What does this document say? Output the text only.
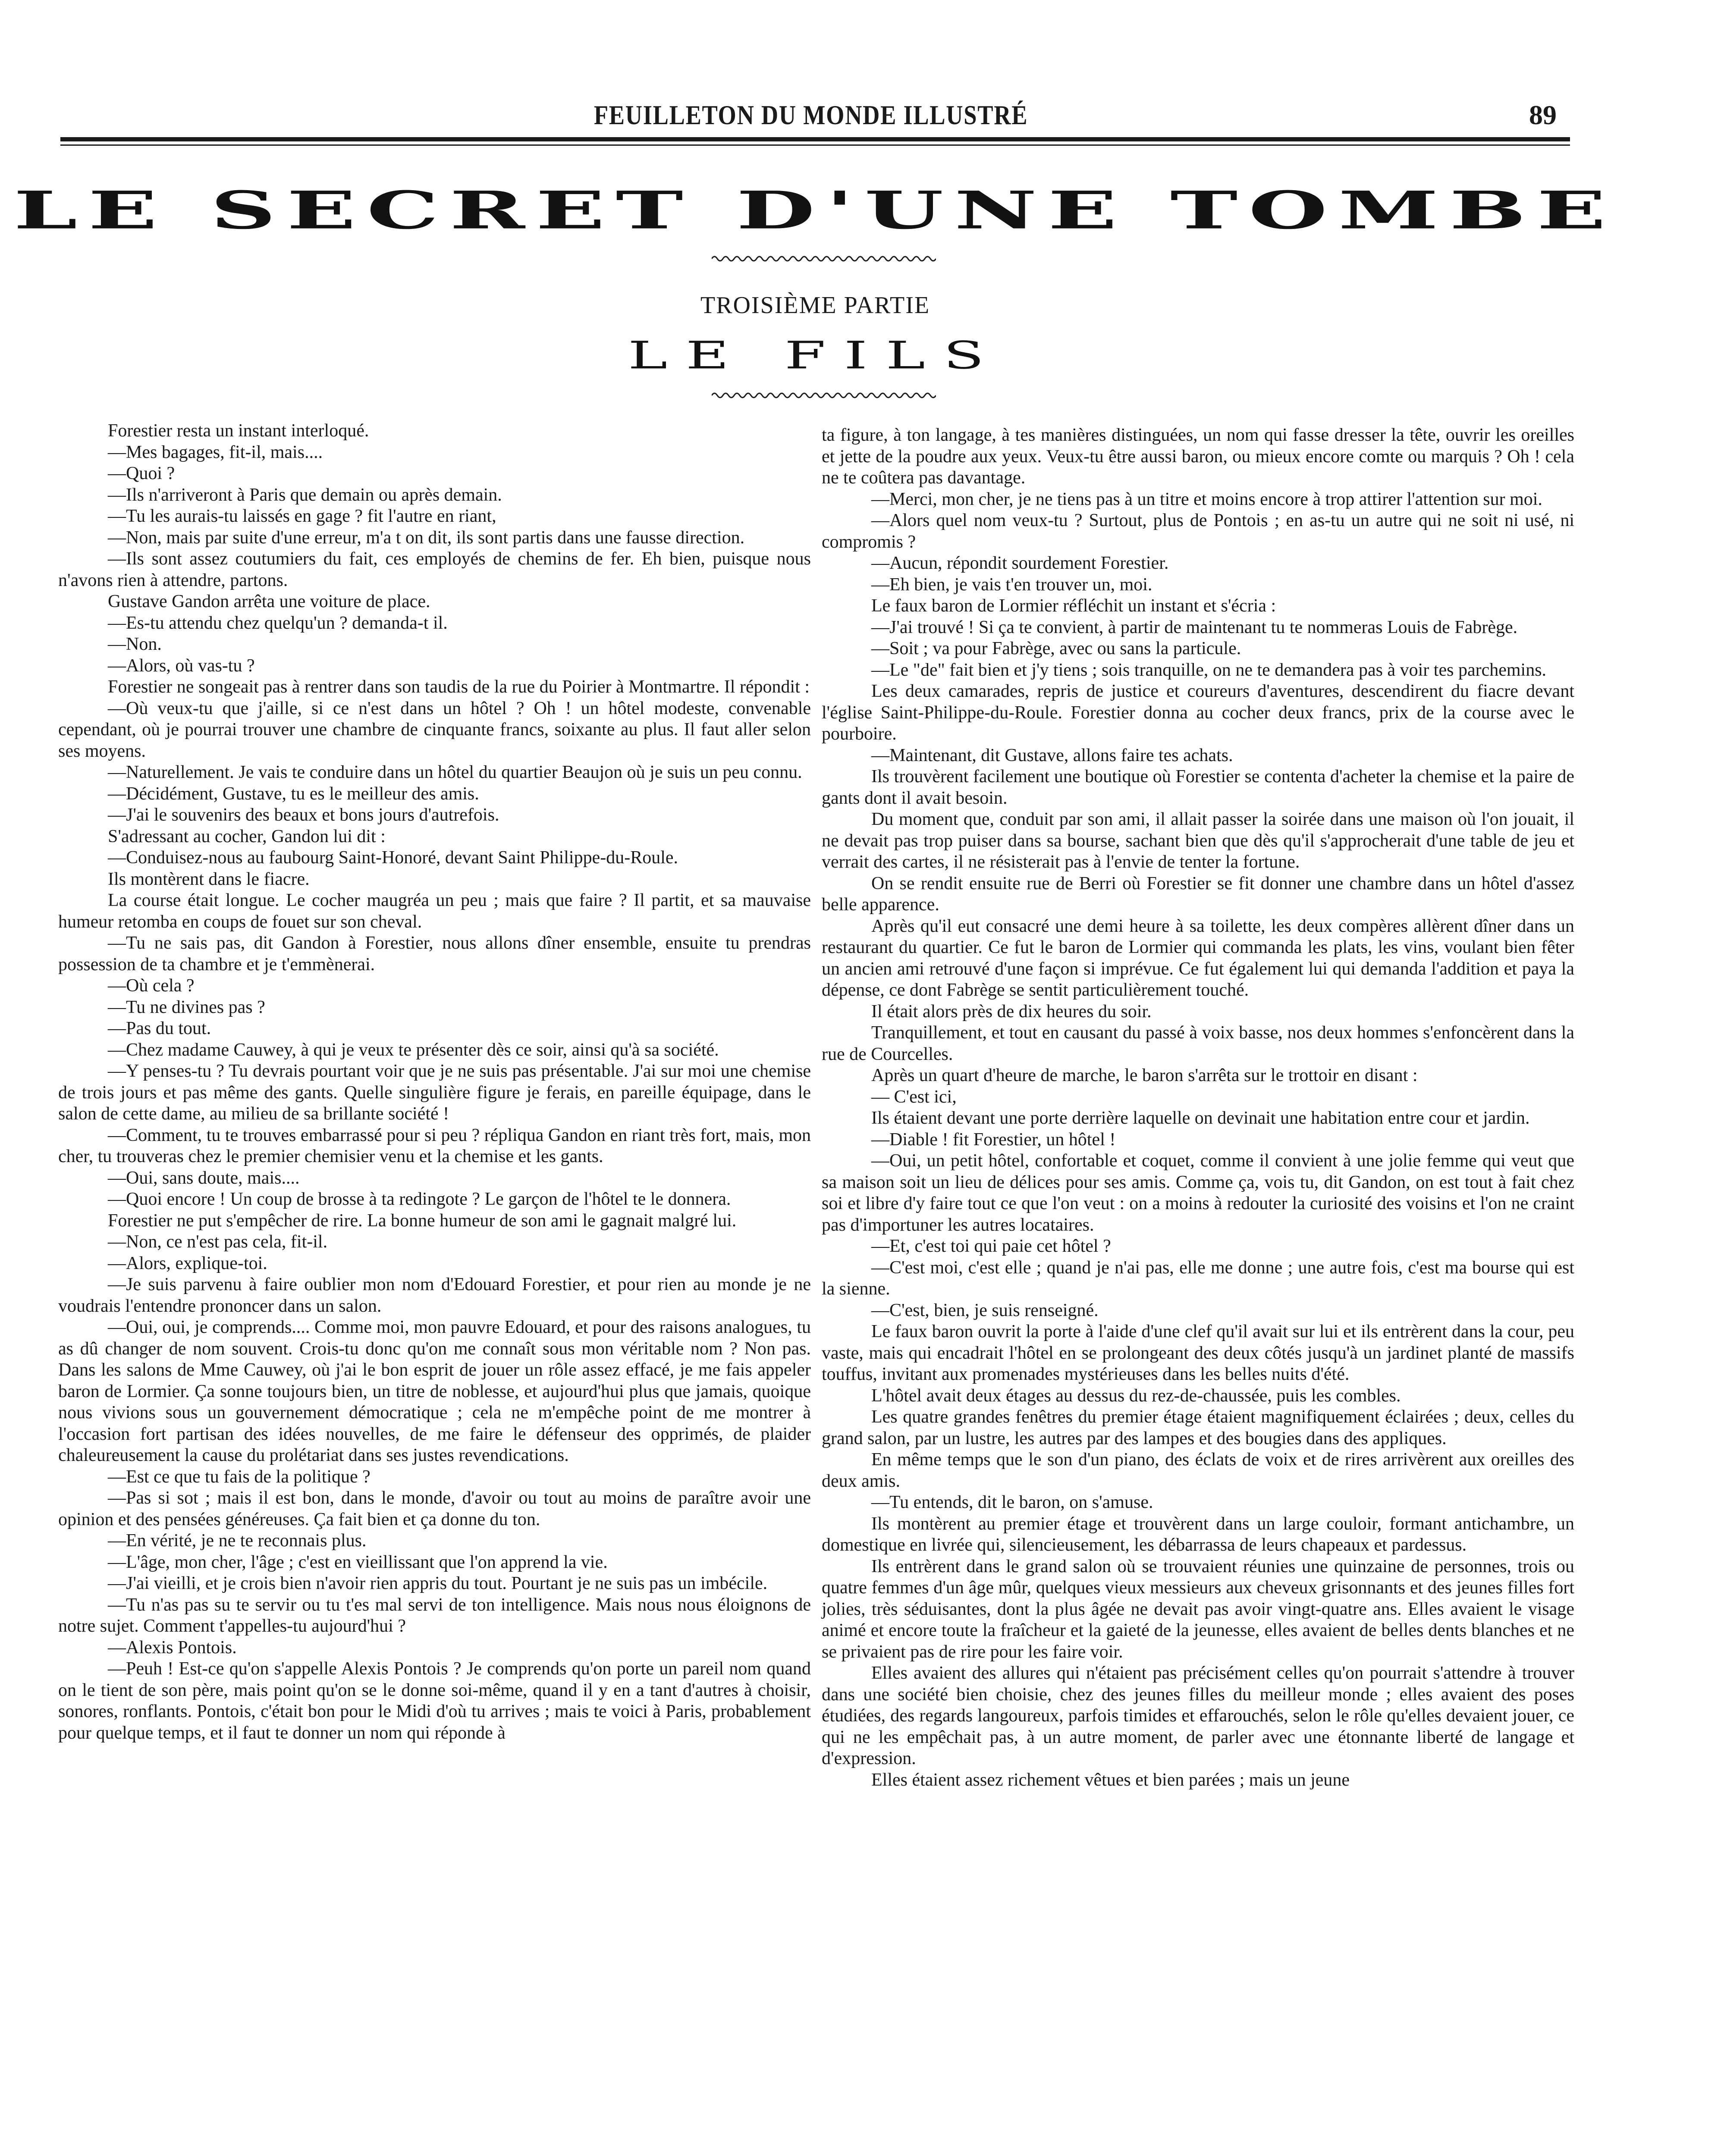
FEUILLETON DU MONDE ILLUSTRÉ	89
LE SECRET D'UNE TOMBE
TROISIÈME PARTIE
LE FILS

Forestier resta un instant interloqué.

—Mes bagages, fit-il, mais....

—Quoi ?

—Ils n'arriveront à Paris que demain ou après demain.

—Tu les aurais-tu laissés en gage ? fit l'autre en riant,

—Non, mais par suite d'une erreur, m'a t on dit, ils sont partis dans une fausse direction.

—Ils sont assez coutumiers du fait, ces employés de chemins de fer. Eh bien, puisque nous n'avons rien à attendre, partons.

Gustave Gandon arrêta une voiture de place.

—Es-tu attendu chez quelqu'un ? demanda-t il.

—Non.

—Alors, où vas-tu ?

Forestier ne songeait pas à rentrer dans son taudis de la rue du Poirier à Montmartre. Il répondit :

—Où veux-tu que j'aille, si ce n'est dans un hôtel ? Oh ! un hôtel modeste, convenable cependant, où je pourrai trouver une chambre de cinquante francs, soixante au plus. Il faut aller selon ses moyens.

—Naturellement. Je vais te conduire dans un hôtel du quartier Beaujon où je suis un peu connu.

—Décidément, Gustave, tu es le meilleur des amis.

—J'ai le souvenirs des beaux et bons jours d'autrefois.

S'adressant au cocher, Gandon lui dit :

—Conduisez-nous au faubourg Saint-Honoré, devant Saint Philippe-du-Roule.

Ils montèrent dans le fiacre.

La course était longue. Le cocher maugréa un peu ; mais que faire ? Il partit, et sa mauvaise humeur retomba en coups de fouet sur son cheval.

—Tu ne sais pas, dit Gandon à Forestier, nous allons dîner ensemble, ensuite tu prendras possession de ta chambre et je t'emmènerai.

—Où cela ?

—Tu ne divines pas ?

—Pas du tout.

—Chez madame Cauwey, à qui je veux te présenter dès ce soir, ainsi qu'à sa société.

—Y penses-tu ? Tu devrais pourtant voir que je ne suis pas présentable. J'ai sur moi une chemise de trois jours et pas même des gants. Quelle singulière figure je ferais, en pareille équipage, dans le salon de cette dame, au milieu de sa brillante société !

—Comment, tu te trouves embarrassé pour si peu ? répliqua Gandon en riant très fort, mais, mon cher, tu trouveras chez le premier chemisier venu et la chemise et les gants.

—Oui, sans doute, mais....

—Quoi encore ! Un coup de brosse à ta redingote ? Le garçon de l'hôtel te le donnera.

Forestier ne put s'empêcher de rire. La bonne humeur de son ami le gagnait malgré lui.

—Non, ce n'est pas cela, fit-il.

—Alors, explique-toi.

—Je suis parvenu à faire oublier mon nom d'Edouard Forestier, et pour rien au monde je ne voudrais l'entendre prononcer dans un salon.

—Oui, oui, je comprends.... Comme moi, mon pauvre Edouard, et pour des raisons analogues, tu as dû changer de nom souvent. Crois-tu donc qu'on me connaît sous mon véritable nom ? Non pas. Dans les salons de Mme Cauwey, où j'ai le bon esprit de jouer un rôle assez effacé, je me fais appeler baron de Lormier. Ça sonne toujours bien, un titre de noblesse, et aujourd'hui plus que jamais, quoique nous vivions sous un gouvernement démocratique ; cela ne m'empêche point de me montrer à l'occasion fort partisan des idées nouvelles, de me faire le défenseur des opprimés, de plaider chaleureusement la cause du prolétariat dans ses justes revendications.

—Est ce que tu fais de la politique ?

—Pas si sot ; mais il est bon, dans le monde, d'avoir ou tout au moins de paraître avoir une opinion et des pensées généreuses. Ça fait bien et ça donne du ton.

—En vérité, je ne te reconnais plus.

—L'âge, mon cher, l'âge ; c'est en vieillissant que l'on apprend la vie.

—J'ai vieilli, et je crois bien n'avoir rien appris du tout. Pourtant je ne suis pas un imbécile.

—Tu n'as pas su te servir ou tu t'es mal servi de ton intelligence. Mais nous nous éloignons de notre sujet. Comment t'appelles-tu aujourd'hui ?

—Alexis Pontois.

—Peuh ! Est-ce qu'on s'appelle Alexis Pontois ? Je comprends qu'on porte un pareil nom quand on le tient de son père, mais point qu'on se le donne soi-même, quand il y en a tant d'autres à choisir, sonores, ronflants. Pontois, c'était bon pour le Midi d'où tu arrives ; mais te voici à Paris, probablement pour quelque temps, et il faut te donner un nom qui réponde à

ta figure, à ton langage, à tes manières distinguées, un nom qui fasse dresser la tête, ouvrir les oreilles et jette de la poudre aux yeux. Veux-tu être aussi baron, ou mieux encore comte ou marquis ? Oh ! cela ne te coûtera pas davantage.

—Merci, mon cher, je ne tiens pas à un titre et moins encore à trop attirer l'attention sur moi.

—Alors quel nom veux-tu ? Surtout, plus de Pontois ; en as-tu un autre qui ne soit ni usé, ni compromis ?

—Aucun, répondit sourdement Forestier.

—Eh bien, je vais t'en trouver un, moi.

Le faux baron de Lormier réfléchit un instant et s'écria :

—J'ai trouvé ! Si ça te convient, à partir de maintenant tu te nommeras Louis de Fabrège.

—Soit ; va pour Fabrège, avec ou sans la particule.

—Le "de" fait bien et j'y tiens ; sois tranquille, on ne te demandera pas à voir tes parchemins.

Les deux camarades, repris de justice et coureurs d'aventures, descendirent du fiacre devant l'église Saint-Philippe-du-Roule. Forestier donna au cocher deux francs, prix de la course avec le pourboire.

—Maintenant, dit Gustave, allons faire tes achats.

Ils trouvèrent facilement une boutique où Forestier se contenta d'acheter la chemise et la paire de gants dont il avait besoin.

Du moment que, conduit par son ami, il allait passer la soirée dans une maison où l'on jouait, il ne devait pas trop puiser dans sa bourse, sachant bien que dès qu'il s'approcherait d'une table de jeu et verrait des cartes, il ne résisterait pas à l'envie de tenter la fortune.

On se rendit ensuite rue de Berri où Forestier se fit donner une chambre dans un hôtel d'assez belle apparence.

Après qu'il eut consacré une demi heure à sa toilette, les deux compères allèrent dîner dans un restaurant du quartier. Ce fut le baron de Lormier qui commanda les plats, les vins, voulant bien fêter un ancien ami retrouvé d'une façon si imprévue. Ce fut également lui qui demanda l'addition et paya la dépense, ce dont Fabrège se sentit particulièrement touché.

Il était alors près de dix heures du soir.

Tranquillement, et tout en causant du passé à voix basse, nos deux hommes s'enfoncèrent dans la rue de Courcelles.

Après un quart d'heure de marche, le baron s'arrêta sur le trottoir en disant :

— C'est ici,

Ils étaient devant une porte derrière laquelle on devinait une habitation entre cour et jardin.

—Diable ! fit Forestier, un hôtel !

—Oui, un petit hôtel, confortable et coquet, comme il convient à une jolie femme qui veut que sa maison soit un lieu de délices pour ses amis. Comme ça, vois tu, dit Gandon, on est tout à fait chez soi et libre d'y faire tout ce que l'on veut : on a moins à redouter la curiosité des voisins et l'on ne craint pas d'importuner les autres locataires.

—Et, c'est toi qui paie cet hôtel ?

—C'est moi, c'est elle ; quand je n'ai pas, elle me donne ; une autre fois, c'est ma bourse qui est la sienne.

—C'est, bien, je suis renseigné.

Le faux baron ouvrit la porte à l'aide d'une clef qu'il avait sur lui et ils entrèrent dans la cour, peu vaste, mais qui encadrait l'hôtel en se prolongeant des deux côtés jusqu'à un jardinet planté de massifs touffus, invitant aux promenades mystérieuses dans les belles nuits d'été.

L'hôtel avait deux étages au dessus du rez-de-chaussée, puis les combles.

Les quatre grandes fenêtres du premier étage étaient magnifiquement éclairées ; deux, celles du grand salon, par un lustre, les autres par des lampes et des bougies dans des appliques.

En même temps que le son d'un piano, des éclats de voix et de rires arrivèrent aux oreilles des deux amis.

—Tu entends, dit le baron, on s'amuse.

Ils montèrent au premier étage et trouvèrent dans un large couloir, formant antichambre, un domestique en livrée qui, silencieusement, les débarrassa de leurs chapeaux et pardessus.

Ils entrèrent dans le grand salon où se trouvaient réunies une quinzaine de personnes, trois ou quatre femmes d'un âge mûr, quelques vieux messieurs aux cheveux grisonnants et des jeunes filles fort jolies, très séduisantes, dont la plus âgée ne devait pas avoir vingt-quatre ans. Elles avaient le visage animé et encore toute la fraîcheur et la gaieté de la jeunesse, elles avaient de belles dents blanches et ne se privaient pas de rire pour les faire voir.

Elles avaient des allures qui n'étaient pas précisément celles qu'on pourrait s'attendre à trouver dans une société bien choisie, chez des jeunes filles du meilleur monde ; elles avaient des poses étudiées, des regards langoureux, parfois timides et effarouchés, selon le rôle qu'elles devaient jouer, ce qui ne les empêchait pas, à un autre moment, de parler avec une étonnante liberté de langage et d'expression.

Elles étaient assez richement vêtues et bien parées ; mais un jeune
